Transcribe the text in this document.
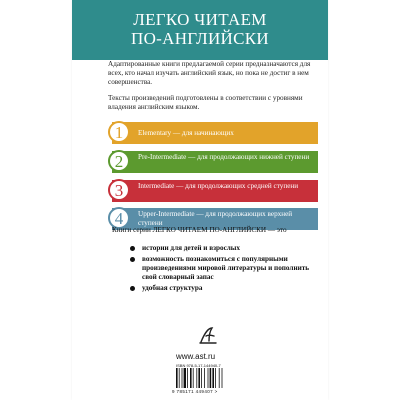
ЛЕГКО ЧИТАЕМ
ПО-АНГЛИЙСКИ

Адаптированные книги предлагаемой серии предназначаются для всех, кто начал изучать английский язык, но пока не достиг в нем совершенства.

Тексты произведений подготовлены в соответствии с уровнями владения английским языком.

1	Elementary — для начинающих
2	Pre-Intermediate — для продолжающих нижней ступени
3	Intermediate — для продолжающих средней ступени
4	Upper-Intermediate — для продолжающих верхней ступени
Книги серии ЛЕГКО ЧИТАЕМ ПО-АНГЛИЙСКИ — это
истории для детей и взрослых
возможность познакомиться с популярными произведениями мировой литературы и пополнить свой словарный запас
удобная структура
www.ast.ru
ISBN 978-5-17-144940-7
9 785171 449407 >
